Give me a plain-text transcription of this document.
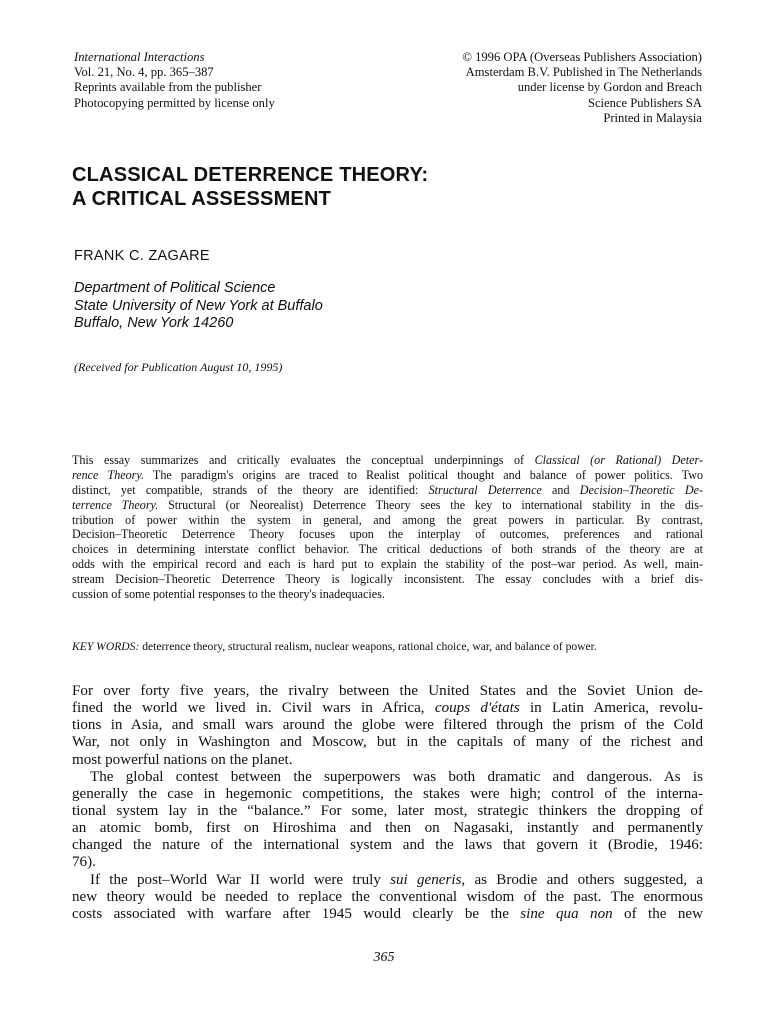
International Interactions
Vol. 21, No. 4, pp. 365–387
Reprints available from the publisher
Photocopying permitted by license only
© 1996 OPA (Overseas Publishers Association)
Amsterdam B.V. Published in The Netherlands
under license by Gordon and Breach
Science Publishers SA
Printed in Malaysia
CLASSICAL DETERRENCE THEORY:
A CRITICAL ASSESSMENT
FRANK C. ZAGARE
Department of Political Science
State University of New York at Buffalo
Buffalo, New York 14260
(Received for Publication August 10, 1995)
This essay summarizes and critically evaluates the conceptual underpinnings of Classical (or Rational) Deter-
rence Theory. The paradigm's origins are traced to Realist political thought and balance of power politics. Two
distinct, yet compatible, strands of the theory are identified: Structural Deterrence and Decision–Theoretic De-
terrence Theory. Structural (or Neorealist) Deterrence Theory sees the key to international stability in the dis-
tribution of power within the system in general, and among the great powers in particular. By contrast,
Decision–Theoretic Deterrence Theory focuses upon the interplay of outcomes, preferences and rational
choices in determining interstate conflict behavior. The critical deductions of both strands of the theory are at
odds with the empirical record and each is hard put to explain the stability of the post–war period. As well, main-
stream Decision–Theoretic Deterrence Theory is logically inconsistent. The essay concludes with a brief dis-
cussion of some potential responses to the theory's inadequacies.
KEY WORDS: deterrence theory, structural realism, nuclear weapons, rational choice, war, and balance of power.
For over forty five years, the rivalry between the United States and the Soviet Union de-
fined the world we lived in. Civil wars in Africa, coups d'états in Latin America, revolu-
tions in Asia, and small wars around the globe were filtered through the prism of the Cold
War, not only in Washington and Moscow, but in the capitals of many of the richest and
most powerful nations on the planet.
The global contest between the superpowers was both dramatic and dangerous. As is
generally the case in hegemonic competitions, the stakes were high; control of the interna-
tional system lay in the “balance.” For some, later most, strategic thinkers the dropping of
an atomic bomb, first on Hiroshima and then on Nagasaki, instantly and permanently
changed the nature of the international system and the laws that govern it (Brodie, 1946:
76).
If the post–World War II world were truly sui generis, as Brodie and others suggested, a
new theory would be needed to replace the conventional wisdom of the past. The enormous
costs associated with warfare after 1945 would clearly be the sine qua non of the new
365
